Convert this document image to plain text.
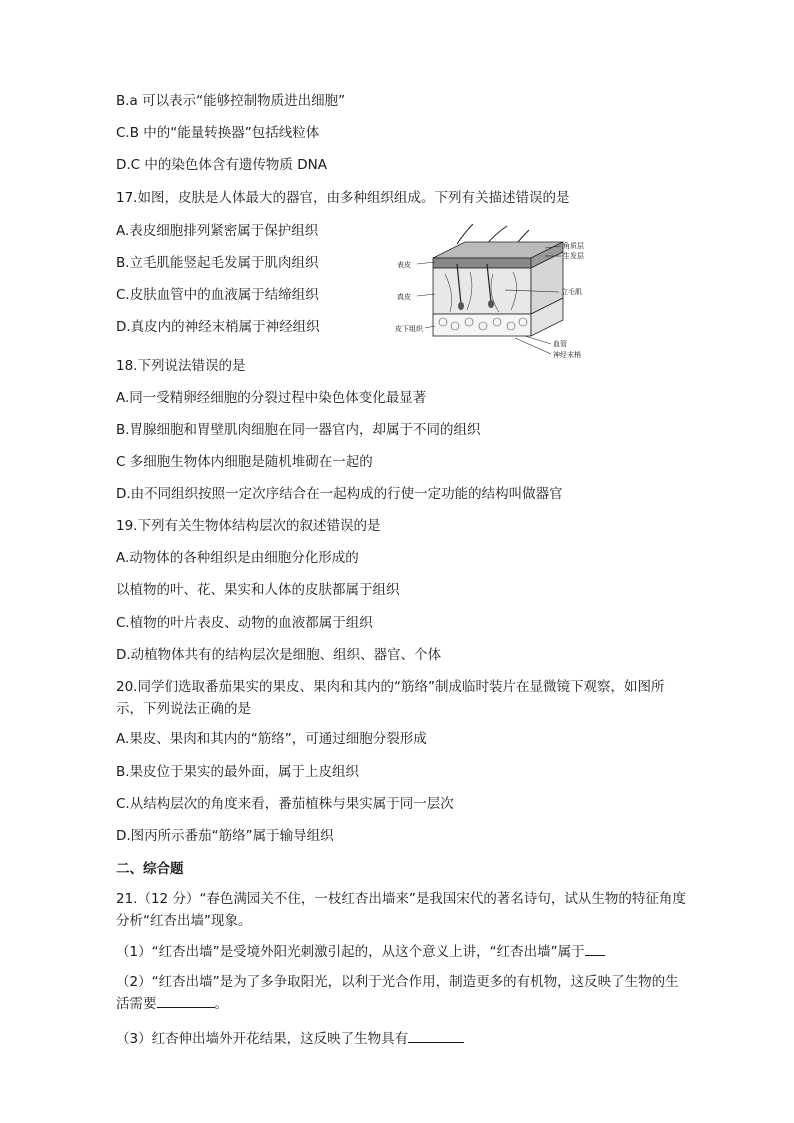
B.a 可以表示“能够控制物质进出细胞”
C.B 中的“能量转换器”包括线粒体
D.C 中的染色体含有遗传物质 DNA
17.如图，皮肤是人体最大的器官，由多种组织组成。下列有关描述错误的是
A.表皮细胞排列紧密属于保护组织
B.立毛肌能竖起毛发属于肌肉组织
C.皮肤血管中的血液属于结缔组织
D.真皮内的神经末梢属于神经组织
表皮
真皮
皮下组织
角质层
生发层
立毛肌
血管
神经末梢
18.下列说法错误的是
A.同一受精卵经细胞的分裂过程中染色体变化最显著
B.胃腺细胞和胃壁肌肉细胞在同一器官内，却属于不同的组织
C 多细胞生物体内细胞是随机堆砌在一起的
D.由不同组织按照一定次序结合在一起构成的行使一定功能的结构叫做器官
19.下列有关生物体结构层次的叙述错误的是
A.动物体的各种组织是由细胞分化形成的
以植物的叶、花、果实和人体的皮肤都属于组织
C.植物的叶片表皮、动物的血液都属于组织
D.动植物体共有的结构层次是细胞、组织、器官、个体
20.同学们选取番茄果实的果皮、果肉和其内的“筋络”制成临时装片在显微镜下观察，如图所示，下列说法正确的是
A.果皮、果肉和其内的“筋络”，可通过细胞分裂形成
B.果皮位于果实的最外面，属于上皮组织
C.从结构层次的角度来看，番茄植株与果实属于同一层次
D.图丙所示番茄“筋络”属于输导组织
二、综合题
21.（12 分）“春色满园关不住，一枝红杏出墙来”是我国宋代的著名诗句，试从生物的特征角度分析“红杏出墙”现象。
（1）“红杏出墙”是受境外阳光刺激引起的，从这个意义上讲，“红杏出墙”属于
（2）“红杏出墙”是为了多争取阳光，以利于光合作用，制造更多的有机物，这反映了生物的生活需要	。
（3）红杏伸出墙外开花结果，这反映了生物具有
